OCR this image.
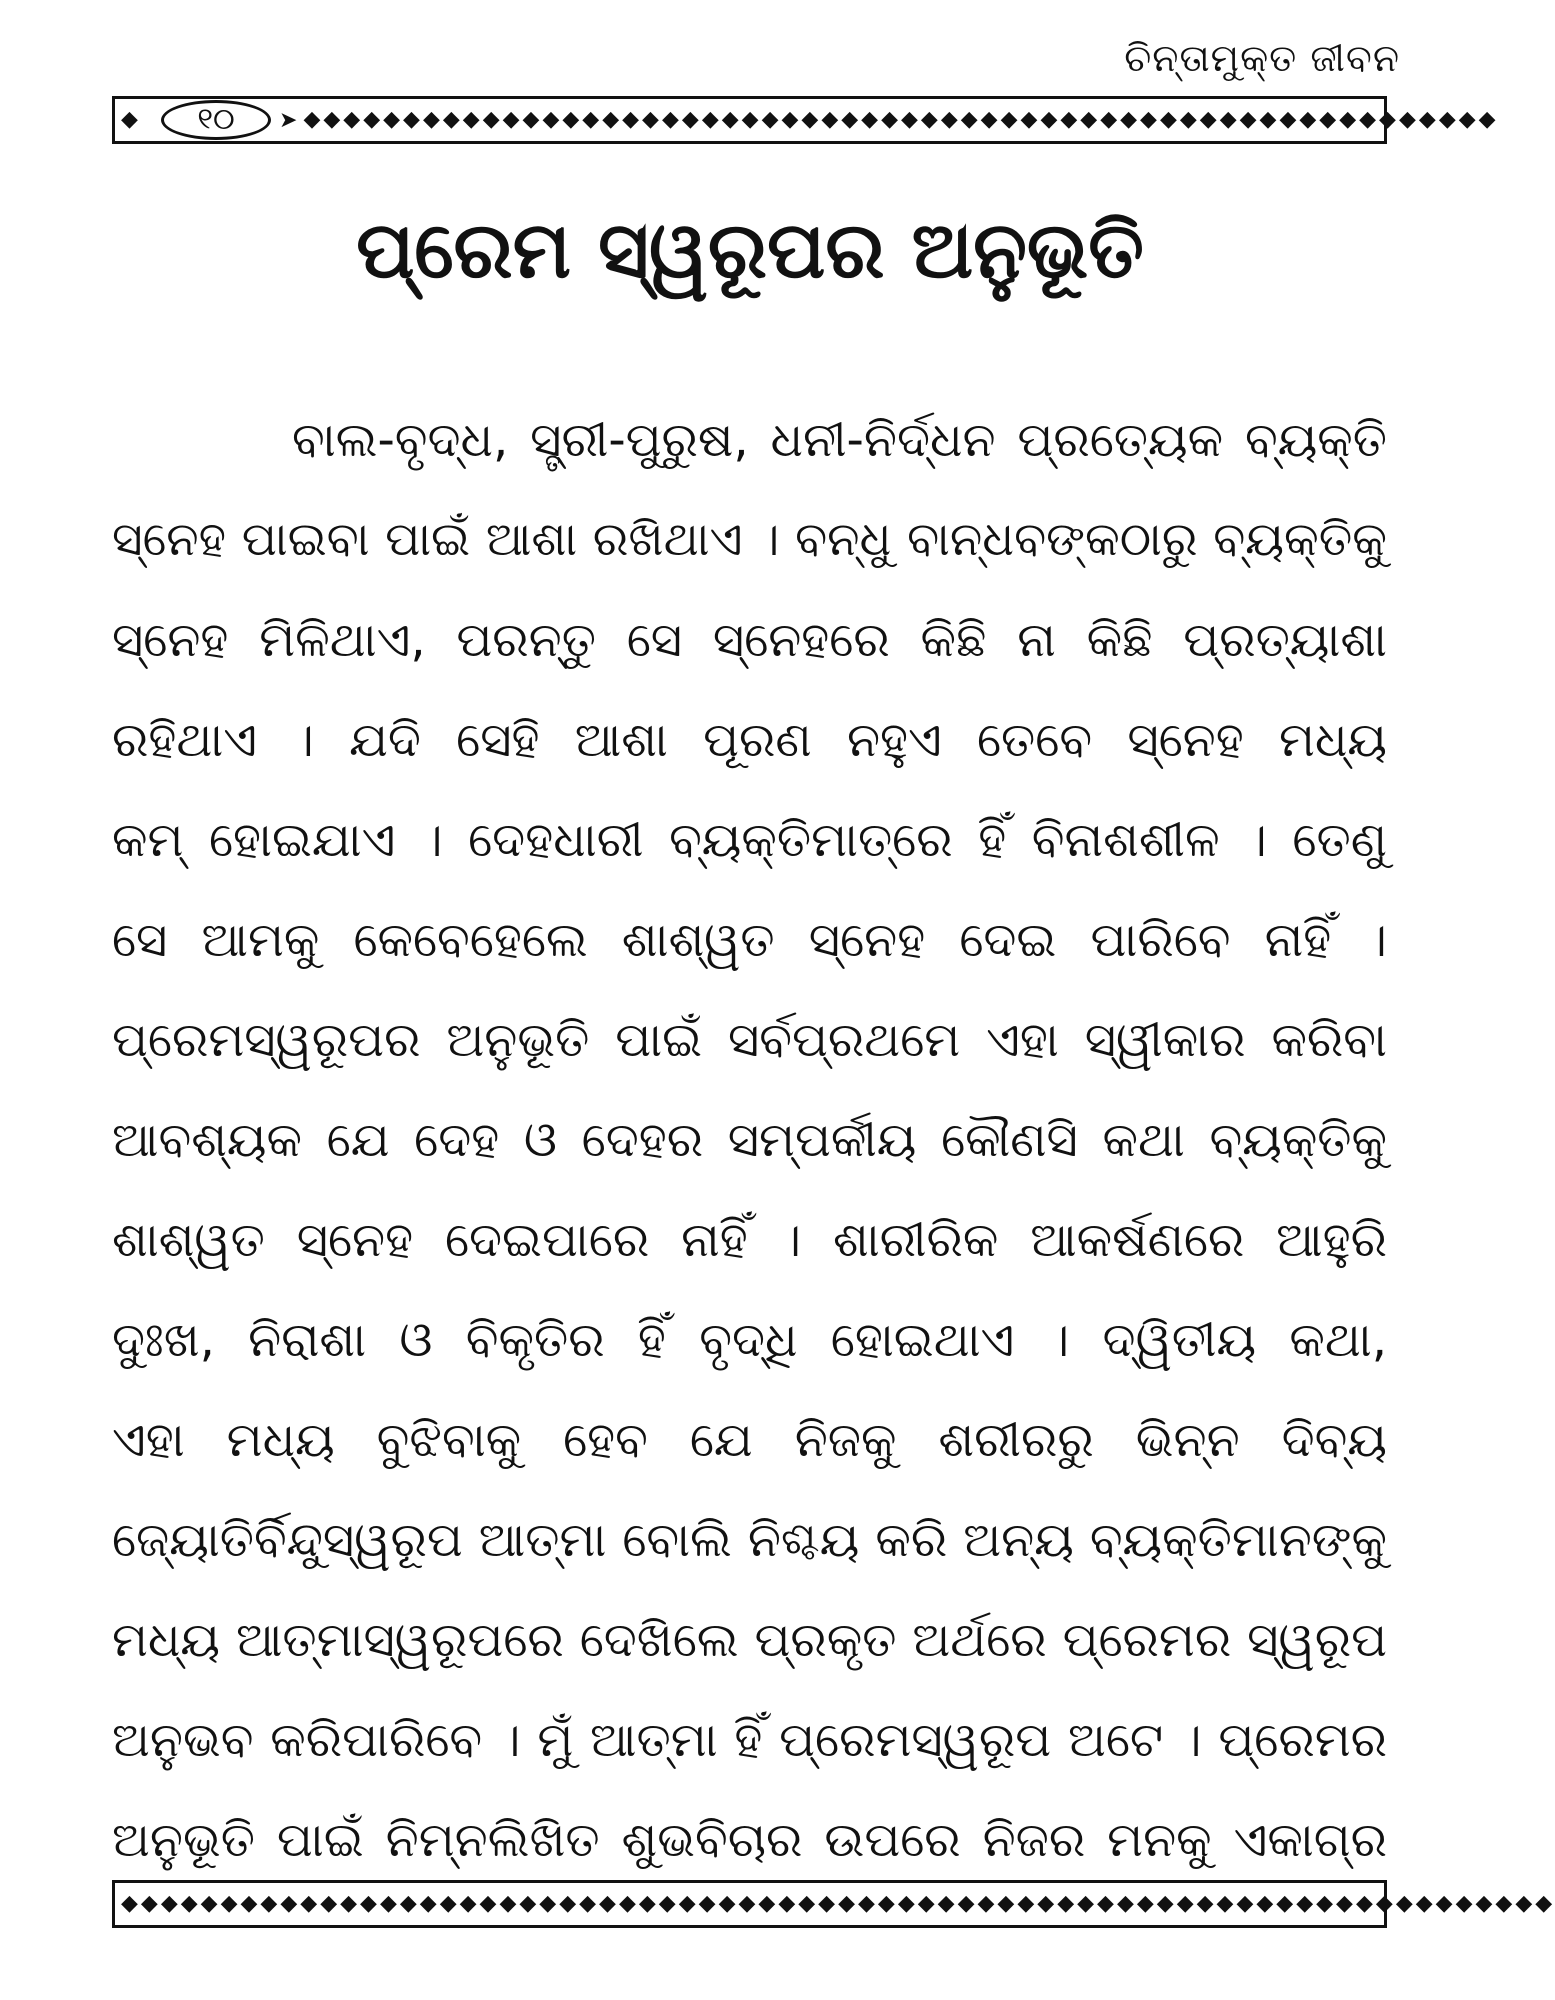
ଚିନ୍ତାମୁକ୍ତ ଜୀବନ
◆	୧୦	➤ ◆◆◆◆◆◆◆◆◆◆◆◆◆◆◆◆◆◆◆◆◆◆◆◆◆◆◆◆◆◆◆◆◆◆◆◆◆◆◆◆◆◆◆◆◆◆◆◆◆◆◆◆◆◆◆◆◆◆◆◆
ପ୍ରେମ ସ୍ୱରୂପର ଅନୁଭୂତି
ବାଲ-ବୃଦ୍ଧ, ସ୍ତ୍ରୀ-ପୁରୁଷ, ଧନୀ-ନିର୍ଦ୍ଧନ ପ୍ରତ୍ୟେକ ବ୍ୟକ୍ତି
ସ୍ନେହ ପାଇବା ପାଇଁ ଆଶା ରଖିଥାଏ । ବନ୍ଧୁ ବାନ୍ଧବଙ୍କଠାରୁ ବ୍ୟକ୍ତିକୁ
ସ୍ନେହ ମିଳିଥାଏ, ପରନ୍ତୁ ସେ ସ୍ନେହରେ କିଛି ନା କିଛି ପ୍ରତ୍ୟାଶା
ରହିଥାଏ । ଯଦି ସେହି ଆଶା ପୂରଣ ନହୁଏ ତେବେ ସ୍ନେହ ମଧ୍ୟ
କମ୍ ହୋଇଯାଏ । ଦେହଧାରୀ ବ୍ୟକ୍ତିମାତ୍ରେ ହିଁ ବିନାଶଶୀଳ । ତେଣୁ
ସେ ଆମକୁ କେବେହେଲେ ଶାଶ୍ୱତ ସ୍ନେହ ଦେଇ ପାରିବେ ନାହିଁ ।
ପ୍ରେମସ୍ୱରୂପର ଅନୁଭୂତି ପାଇଁ ସର୍ବପ୍ରଥମେ ଏହା ସ୍ୱୀକାର କରିବା
ଆବଶ୍ୟକ ଯେ ଦେହ ଓ ଦେହର ସମ୍ପର୍କୀୟ କୌଣସି କଥା ବ୍ୟକ୍ତିକୁ
ଶାଶ୍ୱତ ସ୍ନେହ ଦେଇପାରେ ନାହିଁ । ଶାରୀରିକ ଆକର୍ଷଣରେ ଆହୁରି
ଦୁଃଖ, ନିରାଶା ଓ ବିକୃତିର ହିଁ ବୃଦ୍ଧି ହୋଇଥାଏ । ଦ୍ୱିତୀୟ କଥା,
ଏହା ମଧ୍ୟ ବୁଝିବାକୁ ହେବ ଯେ ନିଜକୁ ଶରୀରରୁ ଭିନ୍ନ ଦିବ୍ୟ
ଜ୍ୟୋତିର୍ବିନ୍ଦୁସ୍ୱରୂପ ଆତ୍ମା ବୋଲି ନିଶ୍ଚୟ କରି ଅନ୍ୟ ବ୍ୟକ୍ତିମାନଙ୍କୁ
ମଧ୍ୟ ଆତ୍ମାସ୍ୱରୂପରେ ଦେଖିଲେ ପ୍ରକୃତ ଅର୍ଥରେ ପ୍ରେମର ସ୍ୱରୂପ
ଅନୁଭବ କରିପାରିବେ । ମୁଁ ଆତ୍ମା ହିଁ ପ୍ରେମସ୍ୱରୂପ ଅଟେ । ପ୍ରେମର
ଅନୁଭୂତି ପାଇଁ ନିମ୍ନଲିଖିତ ଶୁଭବିଚାର ଉପରେ ନିଜର ମନକୁ ଏକାଗ୍ର
◆◆◆◆◆◆◆◆◆◆◆◆◆◆◆◆◆◆◆◆◆◆◆◆◆◆◆◆◆◆◆◆◆◆◆◆◆◆◆◆◆◆◆◆◆◆◆◆◆◆◆◆◆◆◆◆◆◆◆◆◆◆◆◆◆◆◆◆◆◆◆◆
